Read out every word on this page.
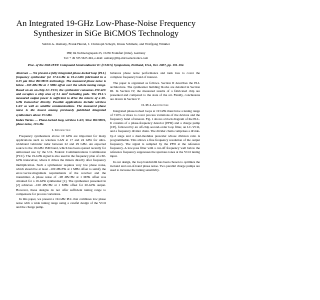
An Integrated 19-GHz Low-Phase-Noise Frequency Synthesizer in SiGe BiCMOS Technology
Sabbir A. Osmany, Frank Herzel, J. Christoph Scheytt, Klaus Schmalz, and Wolfgang Winkler
IHP, Im Technologiepark 25, 15236 Frankfurt (Oder), Germany
Tel: + 49 335 5625 494, e-mail: osmany@ihp-microelectronics.com
Proc. of the 29th IEEE Compound Semiconductor IC (CSICS) Symposium, Portland, USA, Oct. 2007, pp. 191-194.

Abstract — We present a fully integrated phase-locked loop (PLL) frequency synthesizer for 17.6-GHz to 19.4-GHz fabricated in a 0.25 µm SiGe BiCMOS technology. The measured phase noise is below –103 dBc/Hz at 1 MHz offset over the whole tuning range. Based on an on-chip LC-VCO, the synthesizer consumes 250 mW and occupies a chip area of 3.1 mm² including pads. The PLL's measured output power is sufficient to drive the mixers of a 60-GHz transceiver directly. Possible applications include wireless LAN as well as satellite communications. The measured phase noise is the lowest among previously published integrated synthesizers above 15 GHz.

Index Terms — Phase-locked loop, wireless LAN, SiGe BiCMOS, phase noise, 19 GHz.

I. Introduction

Frequency synthesizers above 10 GHz are important for many applications such as wireless LAN at 17 and 24 GHz for ultra-wideband vehicular radar between 22 and 29 GHz. An expected source is the 19-GHz ISM band, which has been opened recently for unlicensed use by the U.S. Federal Communications Commission (FCC). The 19-GHz signal is also used in the frequency plan of a 60-GHz transceiver, where it drives the mixers directly after frequency multiplication. Such a synthesizer requires very low phase noise, which should be at least –100 dBc/Hz at 1 MHz offset to satisfy the error-vector-magnitude requirements of the receiver and the transmitter. A phase noise of –98 dBc/Hz at 1 MHz offset was obtained for a 16-GHz synthesizer [1]. The synthesizer presented in [2] achieves –100 dBc/Hz at 1 MHz offset for 20-GHz output. However, these designs do not offer sufficient tuning range to compensate for process variations.

In this paper, we present a 19-GHz PLL that combines low phase noise with a wide tuning range using a careful design of the VCO and the charge pump.

balances phase noise performance and tank loss to cover the complete frequency band of interest.

The paper is organized as follows. Section II describes the PLL architecture. The synthesizer building blocks are detailed in Section III. In Section IV, the measured results of a fabricated chip are presented and compared to the state of the art. Finally, conclusions are drawn in Section V.

II. PLL Architecture

Integrated phase-locked loops at 19 GHz must have a tuning range of ±10% or more to cover process variations of the devices and the frequency band of interest. Fig. 1 shows a block diagram of the PLL. It consists of a phase-frequency detector (PFD) and a charge pump (CP), followed by an off-chip second-order loop filter, an LC-VCO, and a frequency divider chain. The divider chain comprises a divide-by-2 stage and a dual-modulus prescaler whose division ratio is programmable. This allows a fine frequency resolution of the output frequency. The signal is sampled by the PFD at the reference frequency. A low-pass filter with a cut-off frequency well below the reference frequency suppresses the spurious tones at the VCO tuning input.

In our design, the loop bandwidth has been chosen to optimize the in-band and out-of-band phase noise. Two parallel charge pumps are used to increase the tuning sensitivity.
